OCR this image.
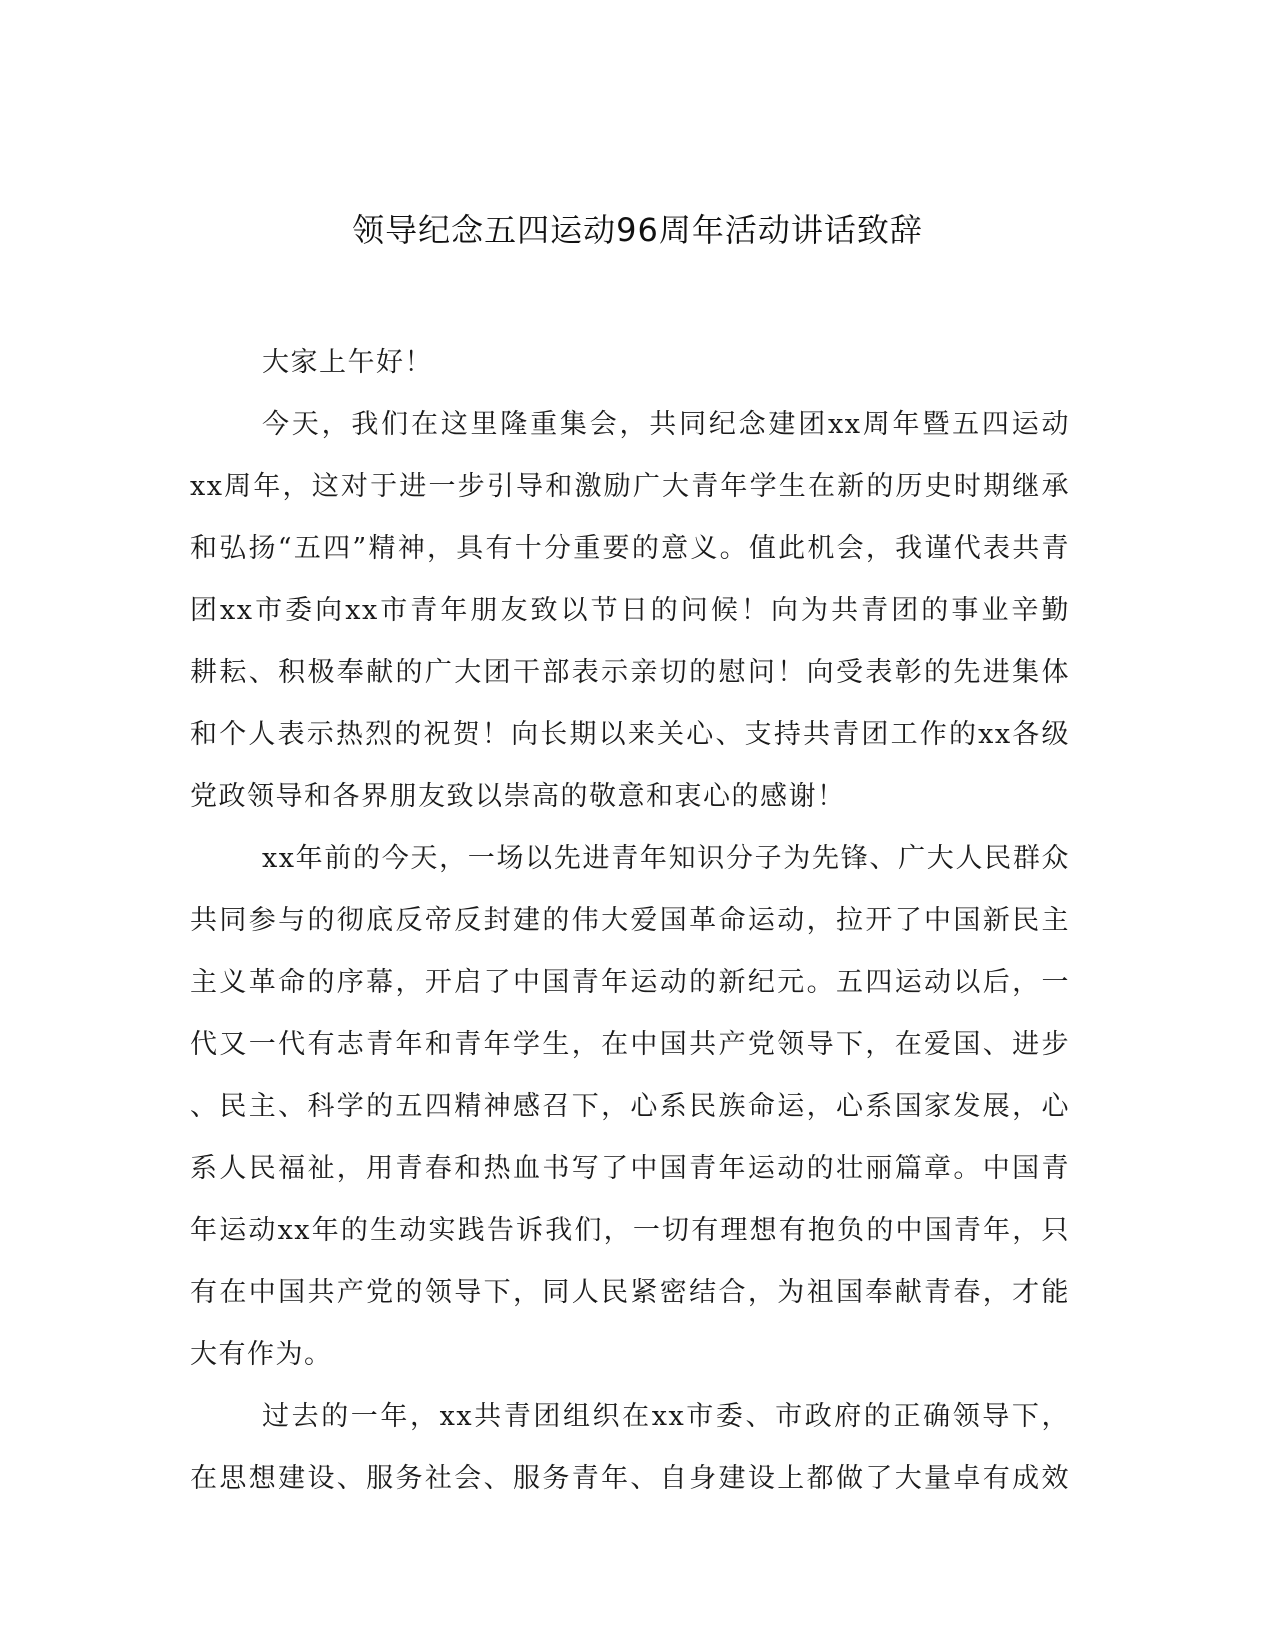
领导纪念五四运动96周年活动讲话致辞
大家上午好！
今天，我们在这里隆重集会，共同纪念建团xx周年暨五四运动
xx周年，这对于进一步引导和激励广大青年学生在新的历史时期继承
和弘扬“五四”精神，具有十分重要的意义。值此机会，我谨代表共青
团xx市委向xx市青年朋友致以节日的问候！向为共青团的事业辛勤
耕耘、积极奉献的广大团干部表示亲切的慰问！向受表彰的先进集体
和个人表示热烈的祝贺！向长期以来关心、支持共青团工作的xx各级
党政领导和各界朋友致以崇高的敬意和衷心的感谢！
xx年前的今天，一场以先进青年知识分子为先锋、广大人民群众
共同参与的彻底反帝反封建的伟大爱国革命运动，拉开了中国新民主
主义革命的序幕，开启了中国青年运动的新纪元。五四运动以后，一
代又一代有志青年和青年学生，在中国共产党领导下，在爱国、进步
、民主、科学的五四精神感召下，心系民族命运，心系国家发展，心
系人民福祉，用青春和热血书写了中国青年运动的壮丽篇章。中国青
年运动xx年的生动实践告诉我们，一切有理想有抱负的中国青年，只
有在中国共产党的领导下，同人民紧密结合，为祖国奉献青春，才能
大有作为。
过去的一年，xx共青团组织在xx市委、市政府的正确领导下，
在思想建设、服务社会、服务青年、自身建设上都做了大量卓有成效
